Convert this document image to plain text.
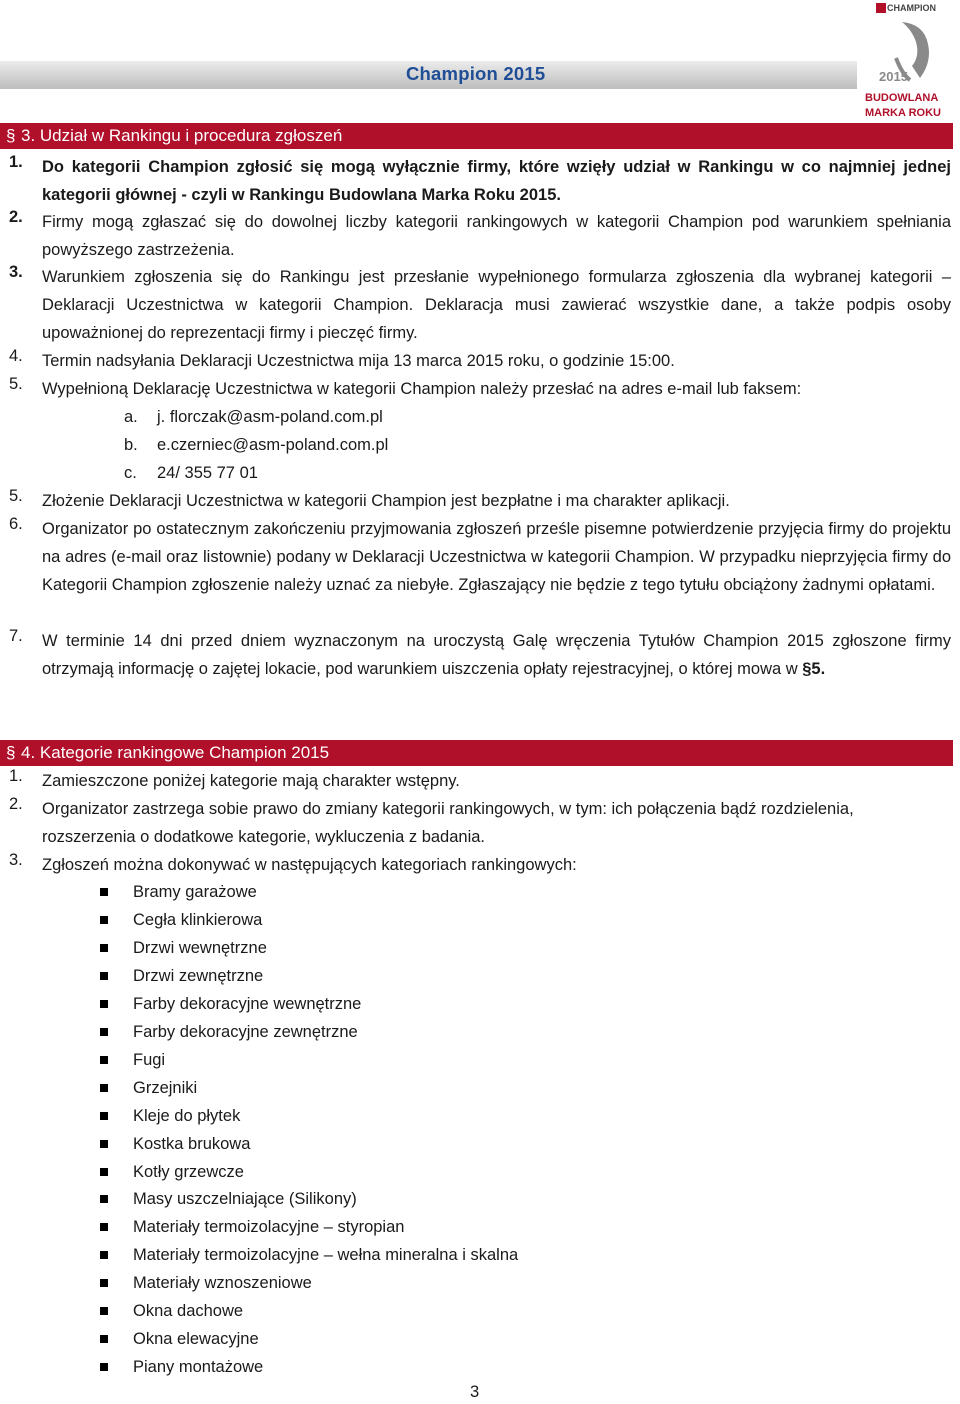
Champion 2015
CHAMPION
2015
BUDOWLANA
MARKA ROKU
§ 3. Udział w Rankingu i procedura zgłoszeń
1.	Do kategorii Champion zgłosić się mogą wyłącznie firmy, które wzięły udział w Rankingu w co najmniej jednej kategorii głównej - czyli w Rankingu Budowlana Marka Roku 2015.
2.	Firmy mogą zgłaszać się do dowolnej liczby kategorii rankingowych w kategorii Champion pod warunkiem spełniania powyższego zastrzeżenia.
3.	Warunkiem zgłoszenia się do Rankingu jest przesłanie wypełnionego formularza zgłoszenia dla wybranej kategorii – Deklaracji Uczestnictwa w kategorii Champion. Deklaracja musi zawierać wszystkie dane, a także podpis osoby upoważnionej do reprezentacji firmy i pieczęć firmy.
4.	Termin nadsyłania Deklaracji Uczestnictwa mija 13 marca 2015 roku, o godzinie 15:00.
5.	Wypełnioną Deklarację Uczestnictwa w kategorii Champion należy przesłać na adres e-mail lub faksem:
a.	j. florczak@asm-poland.com.pl
b.	e.czerniec@asm-poland.com.pl
c.	24/ 355 77 01
5.	Złożenie Deklaracji Uczestnictwa w kategorii Champion jest bezpłatne i ma charakter aplikacji.
6.	Organizator po ostatecznym zakończeniu przyjmowania zgłoszeń prześle pisemne potwierdzenie przyjęcia firmy do projektu na adres (e-mail oraz listownie) podany w Deklaracji Uczestnictwa w kategorii Champion. W przypadku nieprzyjęcia firmy do Kategorii Champion zgłoszenie należy uznać za niebyłe. Zgłaszający nie będzie z tego tytułu obciążony żadnymi opłatami.
7.	W terminie 14 dni przed dniem wyznaczonym na uroczystą Galę wręczenia Tytułów Champion 2015 zgłoszone firmy otrzymają informację o zajętej lokacie, pod warunkiem uiszczenia opłaty rejestracyjnej, o której mowa w §5.
§ 4. Kategorie rankingowe Champion 2015
1.	Zamieszczone poniżej kategorie mają charakter wstępny.
2.	Organizator zastrzega sobie prawo do zmiany kategorii rankingowych, w tym: ich połączenia bądź rozdzielenia, rozszerzenia o dodatkowe kategorie, wykluczenia z badania.
3.	Zgłoszeń można dokonywać w następujących kategoriach rankingowych:
Bramy garażowe
Cegła klinkierowa
Drzwi wewnętrzne
Drzwi zewnętrzne
Farby dekoracyjne wewnętrzne
Farby dekoracyjne zewnętrzne
Fugi
Grzejniki
Kleje do płytek
Kostka brukowa
Kotły grzewcze
Masy uszczelniające (Silikony)
Materiały termoizolacyjne – styropian
Materiały termoizolacyjne – wełna mineralna i skalna
Materiały wznoszeniowe
Okna dachowe
Okna elewacyjne
Piany montażowe
3
